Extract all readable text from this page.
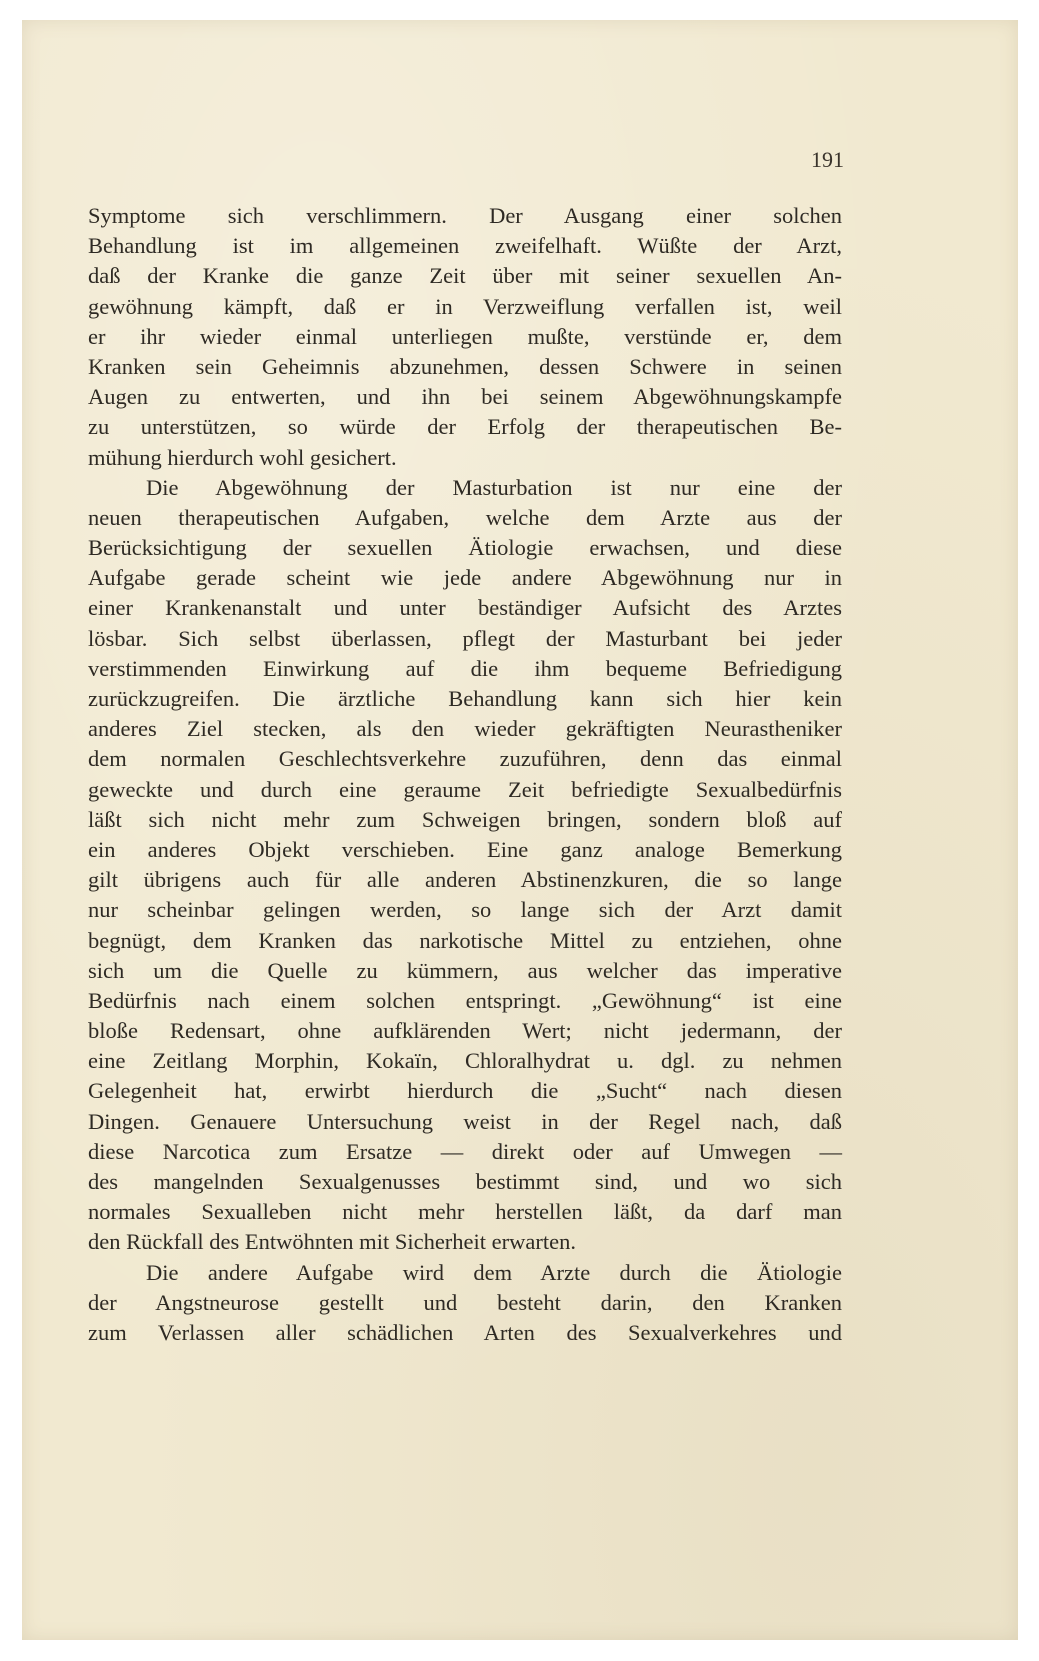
191
Symptome sich verschlimmern. Der Ausgang einer solchen
Behandlung ist im allgemeinen zweifelhaft. Wüßte der Arzt,
daß der Kranke die ganze Zeit über mit seiner sexuellen An-
gewöhnung kämpft, daß er in Verzweiflung verfallen ist, weil
er ihr wieder einmal unterliegen mußte, verstünde er, dem
Kranken sein Geheimnis abzunehmen, dessen Schwere in seinen
Augen zu entwerten, und ihn bei seinem Abgewöhnungskampfe
zu unterstützen, so würde der Erfolg der therapeutischen Be-
mühung hierdurch wohl gesichert.
Die Abgewöhnung der Masturbation ist nur eine der
neuen therapeutischen Aufgaben, welche dem Arzte aus der
Berücksichtigung der sexuellen Ätiologie erwachsen, und diese
Aufgabe gerade scheint wie jede andere Abgewöhnung nur in
einer Krankenanstalt und unter beständiger Aufsicht des Arztes
lösbar. Sich selbst überlassen, pflegt der Masturbant bei jeder
verstimmenden Einwirkung auf die ihm bequeme Befriedigung
zurückzugreifen. Die ärztliche Behandlung kann sich hier kein
anderes Ziel stecken, als den wieder gekräftigten Neurastheniker
dem normalen Geschlechtsverkehre zuzuführen, denn das einmal
geweckte und durch eine geraume Zeit befriedigte Sexualbedürfnis
läßt sich nicht mehr zum Schweigen bringen, sondern bloß auf
ein anderes Objekt verschieben. Eine ganz analoge Bemerkung
gilt übrigens auch für alle anderen Abstinenzkuren, die so lange
nur scheinbar gelingen werden, so lange sich der Arzt damit
begnügt, dem Kranken das narkotische Mittel zu entziehen, ohne
sich um die Quelle zu kümmern, aus welcher das imperative
Bedürfnis nach einem solchen entspringt. „Gewöhnung“ ist eine
bloße Redensart, ohne aufklärenden Wert; nicht jedermann, der
eine Zeitlang Morphin, Kokaïn, Chloralhydrat u. dgl. zu nehmen
Gelegenheit hat, erwirbt hierdurch die „Sucht“ nach diesen
Dingen. Genauere Untersuchung weist in der Regel nach, daß
diese Narcotica zum Ersatze — direkt oder auf Umwegen —
des mangelnden Sexualgenusses bestimmt sind, und wo sich
normales Sexualleben nicht mehr herstellen läßt, da darf man
den Rückfall des Entwöhnten mit Sicherheit erwarten.
Die andere Aufgabe wird dem Arzte durch die Ätiologie
der Angstneurose gestellt und besteht darin, den Kranken
zum Verlassen aller schädlichen Arten des Sexualverkehres und
